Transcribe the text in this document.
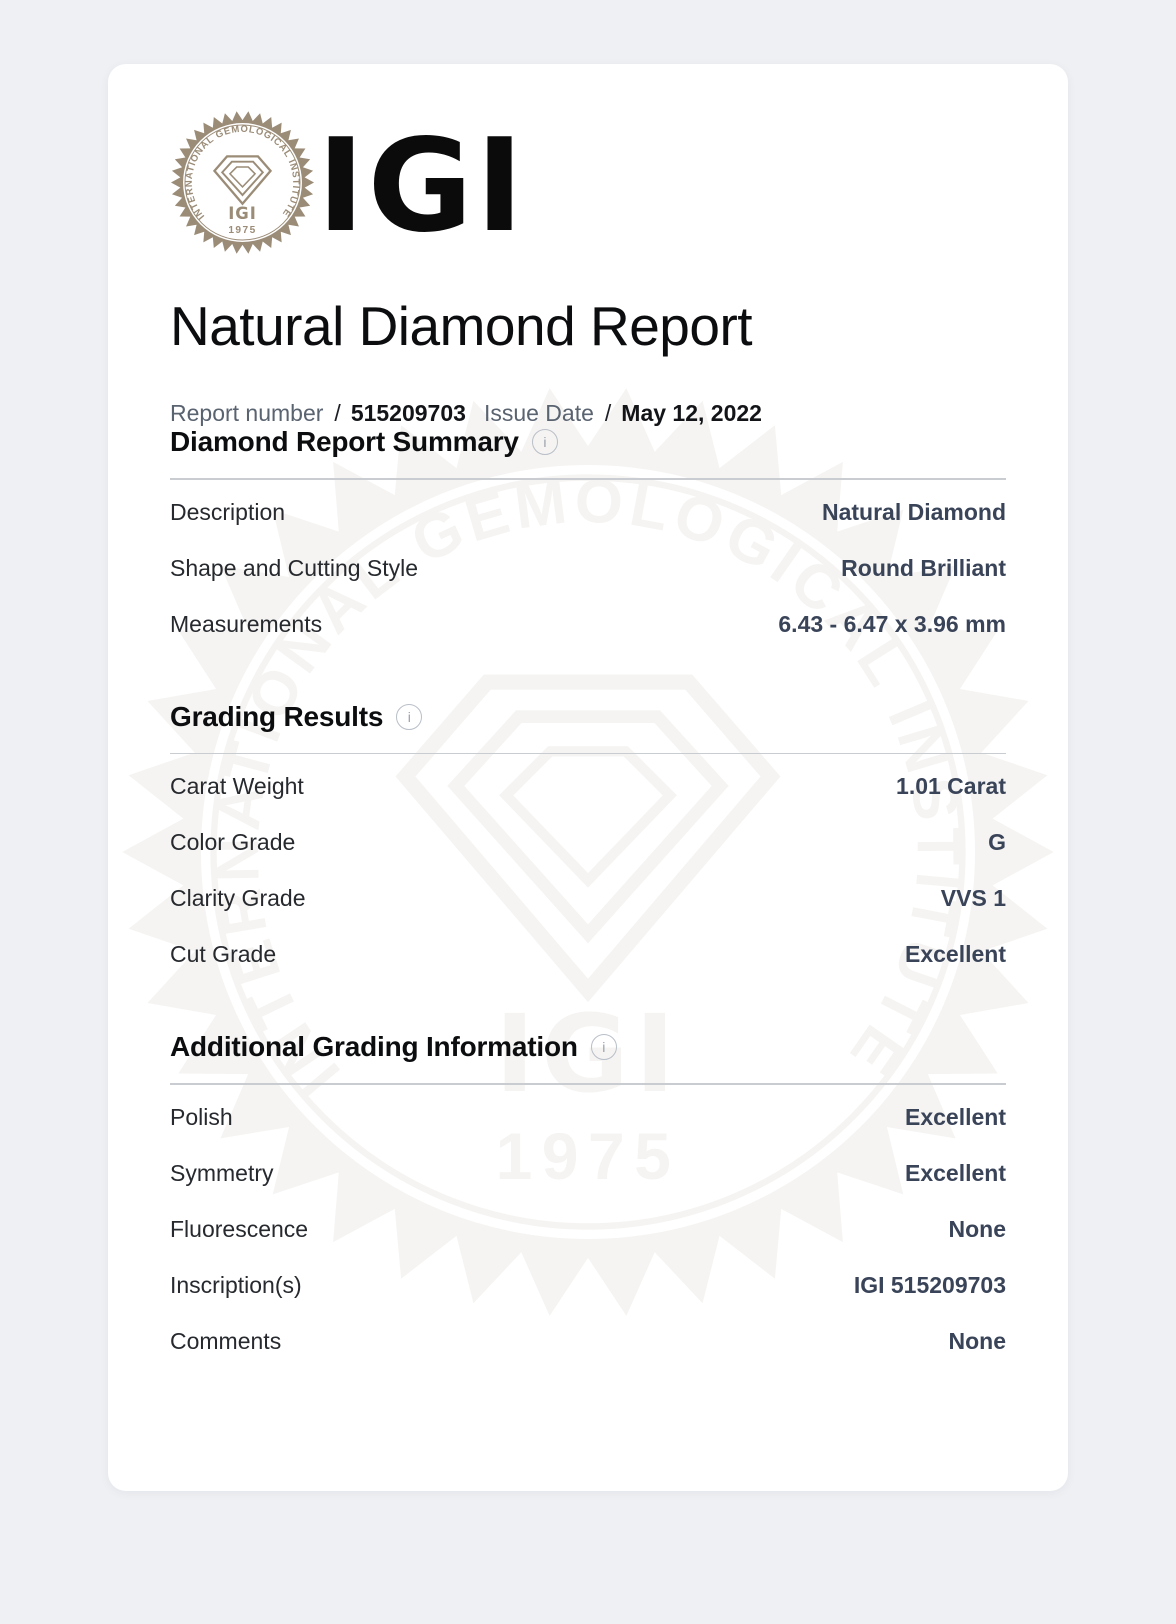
IGI
Natural Diamond Report
Report number / 515209703 Issue Date / May 12, 2022
Diamond Report Summary	i
Description	Natural Diamond
Shape and Cutting Style	Round Brilliant
Measurements	6.43 - 6.47 x 3.96 mm
Grading Results	i
Carat Weight	1.01 Carat
Color Grade	G
Clarity Grade	VVS 1
Cut Grade	Excellent
Additional Grading Information	i
Polish	Excellent
Symmetry	Excellent
Fluorescence	None
Inscription(s)	IGI 515209703
Comments	None
